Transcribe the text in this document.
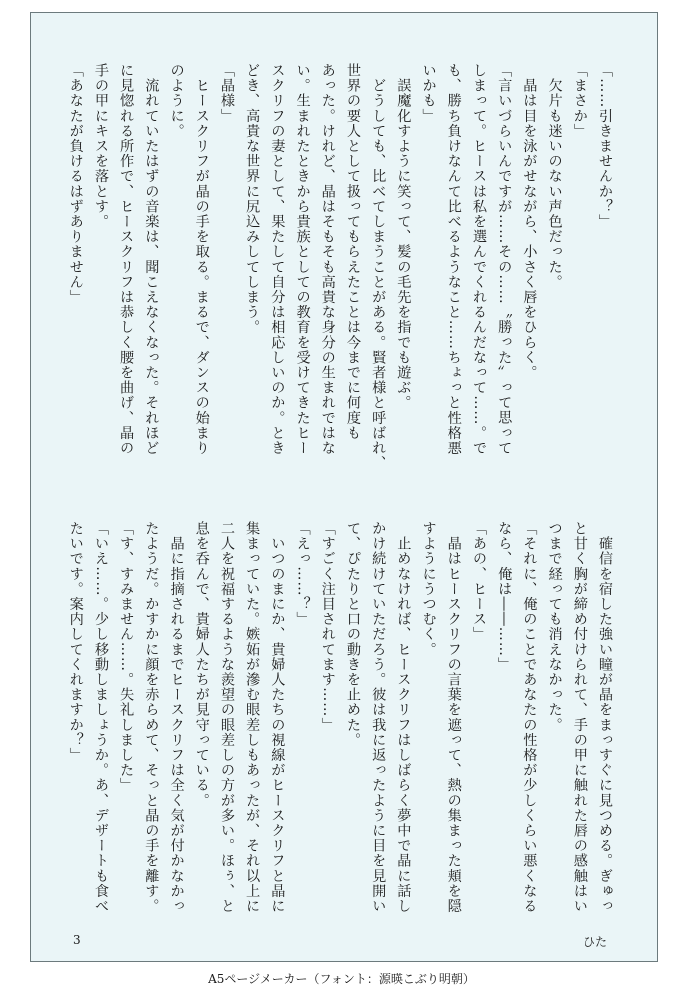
「……引きませんか？」

「まさか」

　欠片も迷いのない声色だった。

　晶は目を泳がせながら、小さく唇をひらく。

「言いづらいんですが……その……〝勝った〟って思って

しまって。ヒースは私を選んでくれるんだなって……。で

も、勝ち負けなんて比べるようなこと……ちょっと性格悪

いかも」

　誤魔化すように笑って、髪の毛先を指でも遊ぶ。

　どうしても、比べてしまうことがある。賢者様と呼ばれ、

世界の要人として扱ってもらえたことは今までに何度も

あった。けれど、晶はそもそも高貴な身分の生まれではな

い。生まれたときから貴族としての教育を受けてきたヒー

スクリフの妻として、果たして自分は相応しいのか。とき

どき、高貴な世界に尻込みしてしまう。

「晶様」

　ヒースクリフが晶の手を取る。まるで、ダンスの始まり

のように。

　流れていたはずの音楽は、聞こえなくなった。それほど

に見惚れる所作で、ヒースクリフは恭しく腰を曲げ、晶の

手の甲にキスを落とす。

「あなたが負けるはずありません」

　確信を宿した強い瞳が晶をまっすぐに見つめる。ぎゅっ

と甘く胸が締め付けられて、手の甲に触れた唇の感触はい

つまで経っても消えなかった。

「それに、俺のことであなたの性格が少しくらい悪くなる

なら、俺は――……」

「あの、ヒース」

　晶はヒースクリフの言葉を遮って、熱の集まった頬を隠

すようにうつむく。

　止めなければ、ヒースクリフはしばらく夢中で晶に話し

かけ続けていただろう。彼は我に返ったように目を見開い

て、ぴたりと口の動きを止めた。

「すごく注目されてます……」

「えっ……？」

　いつのまにか、貴婦人たちの視線がヒースクリフと晶に

集まっていた。嫉妬が滲む眼差しもあったが、それ以上に

二人を祝福するような羨望の眼差しの方が多い。ほぅ、と

息を呑んで、貴婦人たちが見守っている。

　晶に指摘されるまでヒースクリフは全く気が付かなかっ

たようだ。かすかに顔を赤らめて、そっと晶の手を離す。

「す、すみません……。失礼しました」

「いえ……。少し移動しましょうか。あ、デザートも食べ

たいです。案内してくれますか？」

3	ひた
A5ページメーカー（フォント：源暎こぶり明朝）
